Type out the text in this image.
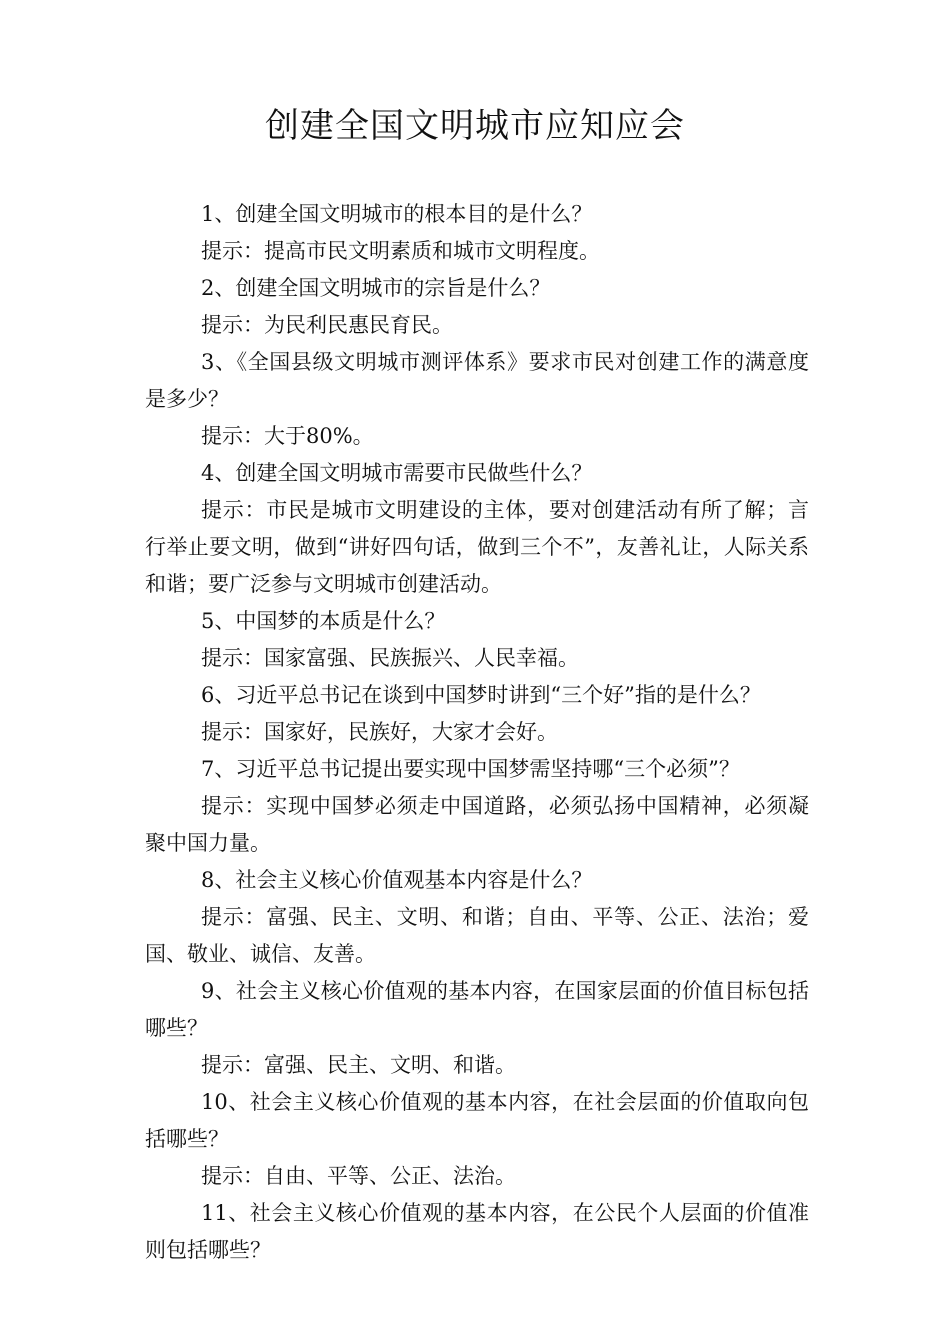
创建全国文明城市应知应会

1、创建全国文明城市的根本目的是什么？

提示：提高市民文明素质和城市文明程度。

2、创建全国文明城市的宗旨是什么？

提示：为民利民惠民育民。

3、《全国县级文明城市测评体系》要求市民对创建工作的满意度是多少？

提示：大于80%。

4、创建全国文明城市需要市民做些什么？

提示：市民是城市文明建设的主体，要对创建活动有所了解；言行举止要文明，做到“讲好四句话，做到三个不”，友善礼让，人际关系和谐；要广泛参与文明城市创建活动。

5、中国梦的本质是什么？

提示：国家富强、民族振兴、人民幸福。

6、习近平总书记在谈到中国梦时讲到“三个好”指的是什么？

提示：国家好，民族好，大家才会好。

7、习近平总书记提出要实现中国梦需坚持哪“三个必须”？

提示：实现中国梦必须走中国道路，必须弘扬中国精神，必须凝聚中国力量。

8、社会主义核心价值观基本内容是什么？

提示：富强、民主、文明、和谐；自由、平等、公正、法治；爱国、敬业、诚信、友善。

9、社会主义核心价值观的基本内容，在国家层面的价值目标包括哪些？

提示：富强、民主、文明、和谐。

10、社会主义核心价值观的基本内容，在社会层面的价值取向包括哪些？

提示：自由、平等、公正、法治。

11、社会主义核心价值观的基本内容，在公民个人层面的价值准则包括哪些？
